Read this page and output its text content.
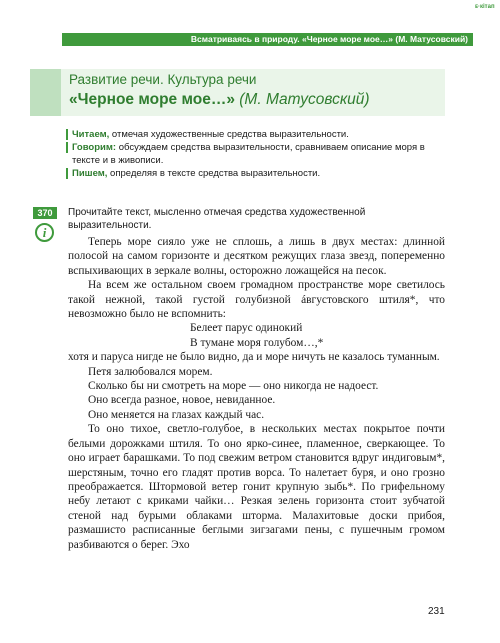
ᴇ·кітап
Всматриваясь в природу. «Черное море мое…» (М. Матусовский)
Развитие речи. Культура речи
«Черное море мое…» (М. Матусовский)
Читаем, отмечая художественные средства выразительности.
Говорим: обсуждаем средства выразительности, сравниваем описание моря в тексте и в живописи.
Пишем, определяя в тексте средства выразительности.
370
i
Прочитайте текст, мысленно отмечая средства художественной выразительности.

Теперь море сияло уже не сплошь, а лишь в двух местах: длинной полосой на самом горизонте и десятком режущих глаза звезд, попеременно вспыхивающих в зеркале волны, осторожно ложащейся на песок.

На всем же остальном своем громадном пространстве море светилось такой нежной, такой густой голубизной áвгустовского штиля*, что невозможно было не вспомнить:

Белеет парус одинокий

В тумане моря голубом…,*

хотя и паруса нигде не было видно, да и море ничуть не казалось туманным.

Петя залюбовался морем.

Сколько бы ни смотреть на море — оно никогда не надоест.

Оно всегда разное, новое, невиданное.

Оно меняется на глазах каждый час.

То оно тихое, светло-голубое, в нескольких местах покрытое почти белыми дорожками штиля. То оно ярко-синее, пламенное, сверкающее. То оно играет барашками. То под свежим ветром становится вдруг индиговым*, шерстяным, точно его гладят против ворса. То налетает буря, и оно грозно преображается. Штормовой ветер гонит крупную зыбь*. По грифельному небу летают с криками чайки… Резкая зелень горизонта стоит зубчатой стеной над бурыми облаками шторма. Малахитовые доски прибоя, размашисто расписанные беглыми зигзагами пены, с пушечным громом разбиваются о берег. Эхо

231
